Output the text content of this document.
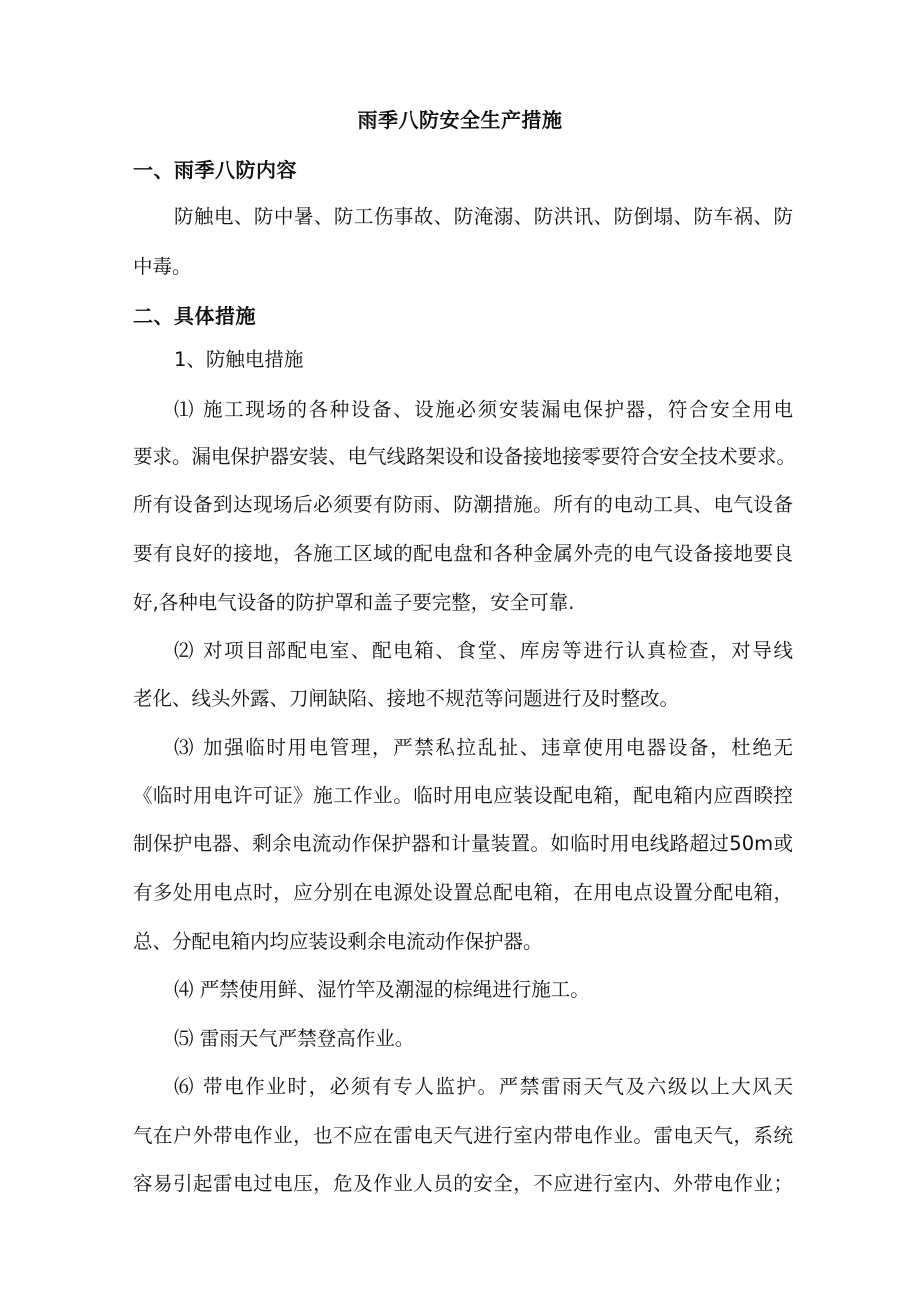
雨季八防安全生产措施
一、雨季八防内容
防触电、防中暑、防工伤事故、防淹溺、防洪讯、防倒塌、防车祸、防
中毒。
二、具体措施
1、防触电措施
⑴ 施工现场的各种设备、设施必须安装漏电保护器，符合安全用电
要求。漏电保护器安装、电气线路架设和设备接地接零要符合安全技术要求。
所有设备到达现场后必须要有防雨、防潮措施。所有的电动工具、电气设备
要有良好的接地，各施工区域的配电盘和各种金属外壳的电气设备接地要良
好,各种电气设备的防护罩和盖子要完整，安全可靠.
⑵ 对项目部配电室、配电箱、食堂、库房等进行认真检查，对导线
老化、线头外露、刀闸缺陷、接地不规范等问题进行及时整改。
⑶ 加强临时用电管理，严禁私拉乱扯、违章使用电器设备，杜绝无
《临时用电许可证》施工作业。临时用电应装设配电箱，配电箱内应酉睽控
制保护电器、剩余电流动作保护器和计量装置。如临时用电线路超过50m或
有多处用电点时，应分别在电源处设置总配电箱，在用电点设置分配电箱，
总、分配电箱内均应装设剩余电流动作保护器。
⑷ 严禁使用鲜、湿竹竿及潮湿的棕绳进行施工。
⑸ 雷雨天气严禁登高作业。
⑹ 带电作业时，必须有专人监护。严禁雷雨天气及六级以上大风天
气在户外带电作业，也不应在雷电天气进行室内带电作业。雷电天气，系统
容易引起雷电过电压，危及作业人员的安全，不应进行室内、外带电作业；
